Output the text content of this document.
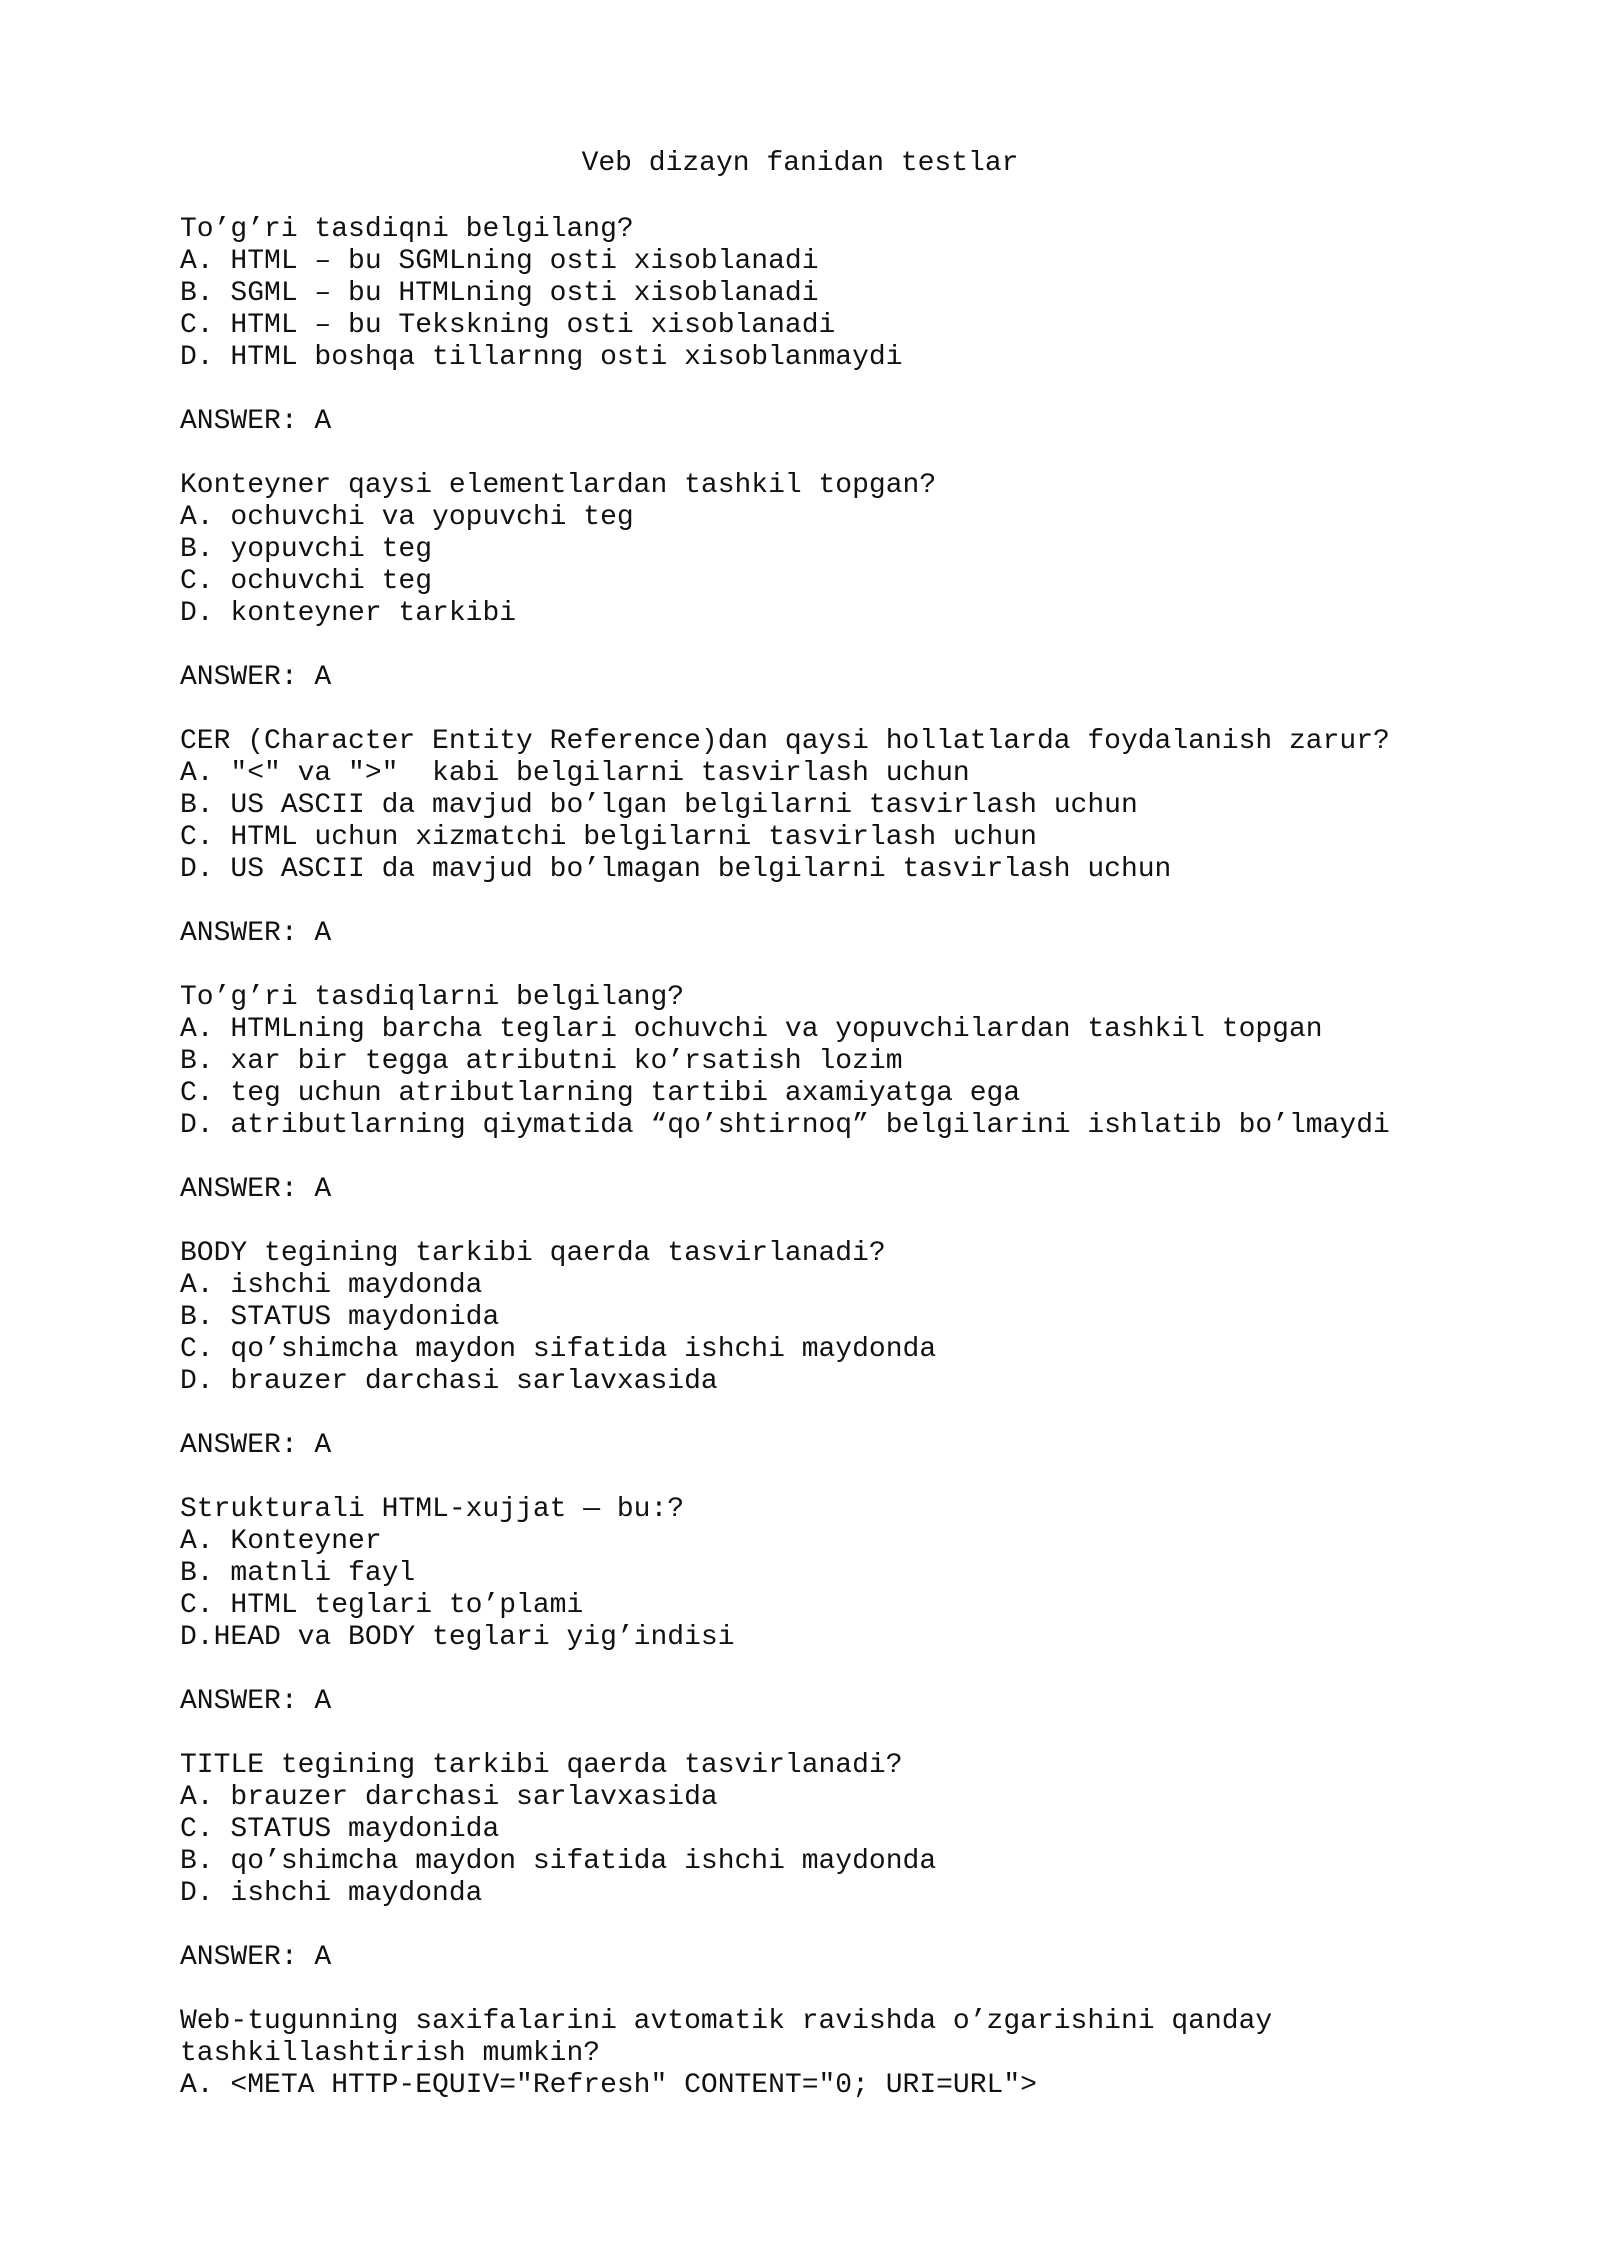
Veb dizayn fanidan testlar
To’g’ri tasdiqni belgilang?
A. HTML – bu SGMLning osti xisoblanadi
B. SGML – bu HTMLning osti xisoblanadi
C. HTML – bu Tekskning osti xisoblanadi
D. HTML boshqa tillarnng osti xisoblanmaydi
ANSWER: A
Konteyner qaysi elementlardan tashkil topgan?
A. ochuvchi va yopuvchi teg
B. yopuvchi teg
C. ochuvchi teg
D. konteyner tarkibi
ANSWER: A
CER (Character Entity Reference)dan qaysi hollatlarda foydalanish zarur?
A. "<" va ">"  kabi belgilarni tasvirlash uchun
B. US ASCII da mavjud bo’lgan belgilarni tasvirlash uchun
C. HTML uchun xizmatchi belgilarni tasvirlash uchun
D. US ASCII da mavjud bo’lmagan belgilarni tasvirlash uchun
ANSWER: A
To’g’ri tasdiqlarni belgilang?
A. HTMLning barcha teglari ochuvchi va yopuvchilardan tashkil topgan
B. xar bir tegga atributni ko’rsatish lozim
C. teg uchun atributlarning tartibi axamiyatga ega
D. atributlarning qiymatida “qo’shtirnoq” belgilarini ishlatib bo’lmaydi
ANSWER: A
BODY tegining tarkibi qaerda tasvirlanadi?
A. ishchi maydonda
B. STATUS maydonida
C. qo’shimcha maydon sifatida ishchi maydonda
D. brauzer darchasi sarlavxasida
ANSWER: A
Strukturali HTML-xujjat — bu:?
A. Konteyner
B. matnli fayl
C. HTML teglari to’plami
D.HEAD va BODY teglari yig’indisi
ANSWER: A
TITLE tegining tarkibi qaerda tasvirlanadi?
A. brauzer darchasi sarlavxasida
C. STATUS maydonida
B. qo’shimcha maydon sifatida ishchi maydonda
D. ishchi maydonda
ANSWER: A
Web-tugunning saxifalarini avtomatik ravishda o’zgarishini qanday
tashkillashtirish mumkin?
A. <META HTTP-EQUIV="Refresh" CONTENT="0; URI=URL">
